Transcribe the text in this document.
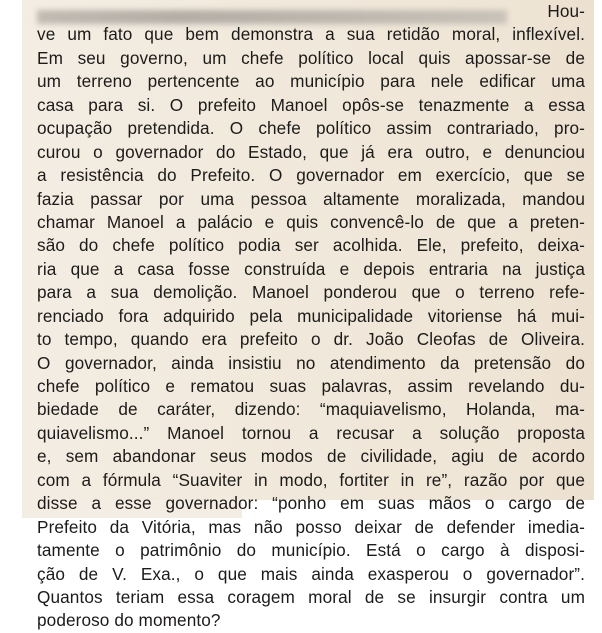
Hou-
ve um fato que bem demonstra a sua retidão moral, inflexível.
Em seu governo, um chefe político local quis apossar-se de
um terreno pertencente ao município para nele edificar uma
casa para si. O prefeito Manoel opôs-se tenazmente a essa
ocupação pretendida. O chefe político assim contrariado, pro-
curou o governador do Estado, que já era outro, e denunciou
a resistência do Prefeito. O governador em exercício, que se
fazia passar por uma pessoa altamente moralizada, mandou
chamar Manoel a palácio e quis convencê-lo de que a preten-
são do chefe político podia ser acolhida. Ele, prefeito, deixa-
ria que a casa fosse construída e depois entraria na justiça
para a sua demolição. Manoel ponderou que o terreno refe-
renciado fora adquirido pela municipalidade vitoriense há mui-
to tempo, quando era prefeito o dr. João Cleofas de Oliveira.
O governador, ainda insistiu no atendimento da pretensão do
chefe político e rematou suas palavras, assim revelando du-
biedade de caráter, dizendo: “maquiavelismo, Holanda, ma-
quiavelismo...” Manoel tornou a recusar a solução proposta
e, sem abandonar seus modos de civilidade, agiu de acordo
com a fórmula “Suaviter in modo, fortiter in re”, razão por que
disse a esse governador: “ponho em suas mãos o cargo de
Prefeito da Vitória, mas não posso deixar de defender imedia-
tamente o patrimônio do município. Está o cargo à disposi-
ção de V. Exa., o que mais ainda exasperou o governador”.
Quantos teriam essa coragem moral de se insurgir contra um
poderoso do momento?
